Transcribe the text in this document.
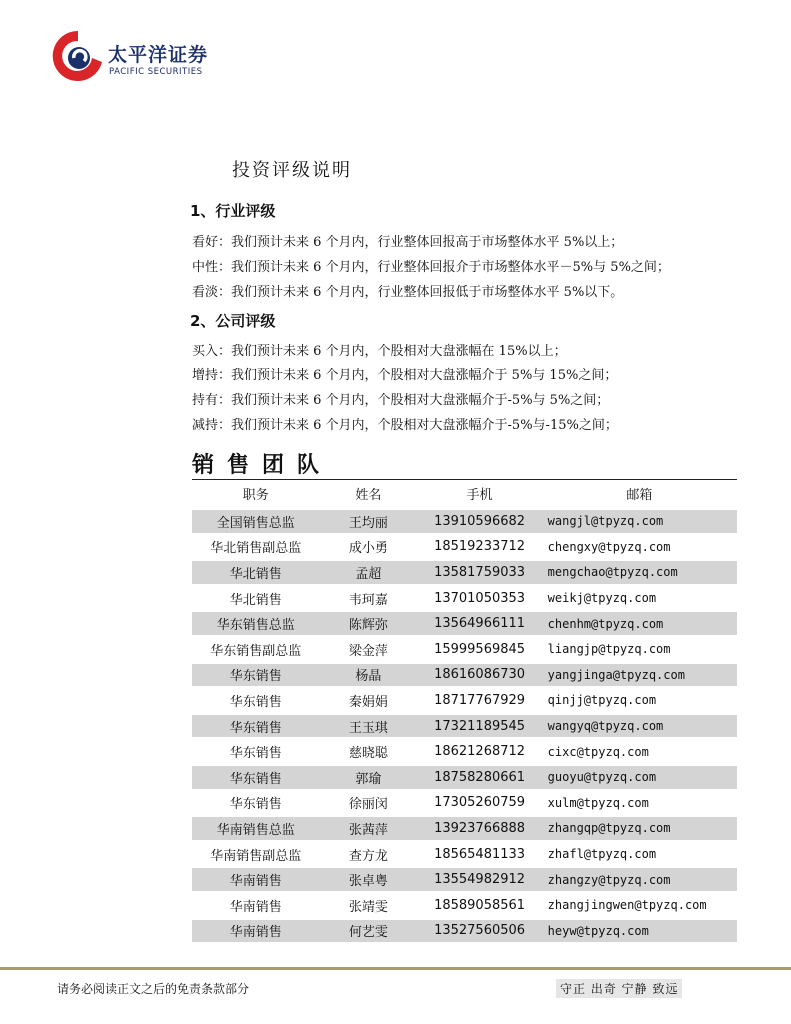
太平洋证券
PACIFIC SECURITIES
投资评级说明
1、行业评级
看好：我们预计未来 6 个月内，行业整体回报高于市场整体水平 5%以上；
中性：我们预计未来 6 个月内，行业整体回报介于市场整体水平－5%与 5%之间；
看淡：我们预计未来 6 个月内，行业整体回报低于市场整体水平 5%以下。
2、公司评级
买入：我们预计未来 6 个月内，个股相对大盘涨幅在 15%以上；
增持：我们预计未来 6 个月内，个股相对大盘涨幅介于 5%与 15%之间；
持有：我们预计未来 6 个月内，个股相对大盘涨幅介于-5%与 5%之间；
减持：我们预计未来 6 个月内，个股相对大盘涨幅介于-5%与-15%之间；
销售团队
职务	姓名	手机	邮箱
全国销售总监	王均丽	13910596682	wangjl@tpyzq.com
华北销售副总监	成小勇	18519233712	chengxy@tpyzq.com
华北销售	孟超	13581759033	mengchao@tpyzq.com
华北销售	韦珂嘉	13701050353	weikj@tpyzq.com
华东销售总监	陈辉弥	13564966111	chenhm@tpyzq.com
华东销售副总监	梁金萍	15999569845	liangjp@tpyzq.com
华东销售	杨晶	18616086730	yangjinga@tpyzq.com
华东销售	秦娟娟	18717767929	qinjj@tpyzq.com
华东销售	王玉琪	17321189545	wangyq@tpyzq.com
华东销售	慈晓聪	18621268712	cixc@tpyzq.com
华东销售	郭瑜	18758280661	guoyu@tpyzq.com
华东销售	徐丽闵	17305260759	xulm@tpyzq.com
华南销售总监	张茜萍	13923766888	zhangqp@tpyzq.com
华南销售副总监	查方龙	18565481133	zhafl@tpyzq.com
华南销售	张卓粤	13554982912	zhangzy@tpyzq.com
华南销售	张靖雯	18589058561	zhangjingwen@tpyzq.com
华南销售	何艺雯	13527560506	heyw@tpyzq.com
请务必阅读正文之后的免责条款部分	守正 出奇 宁静 致远
